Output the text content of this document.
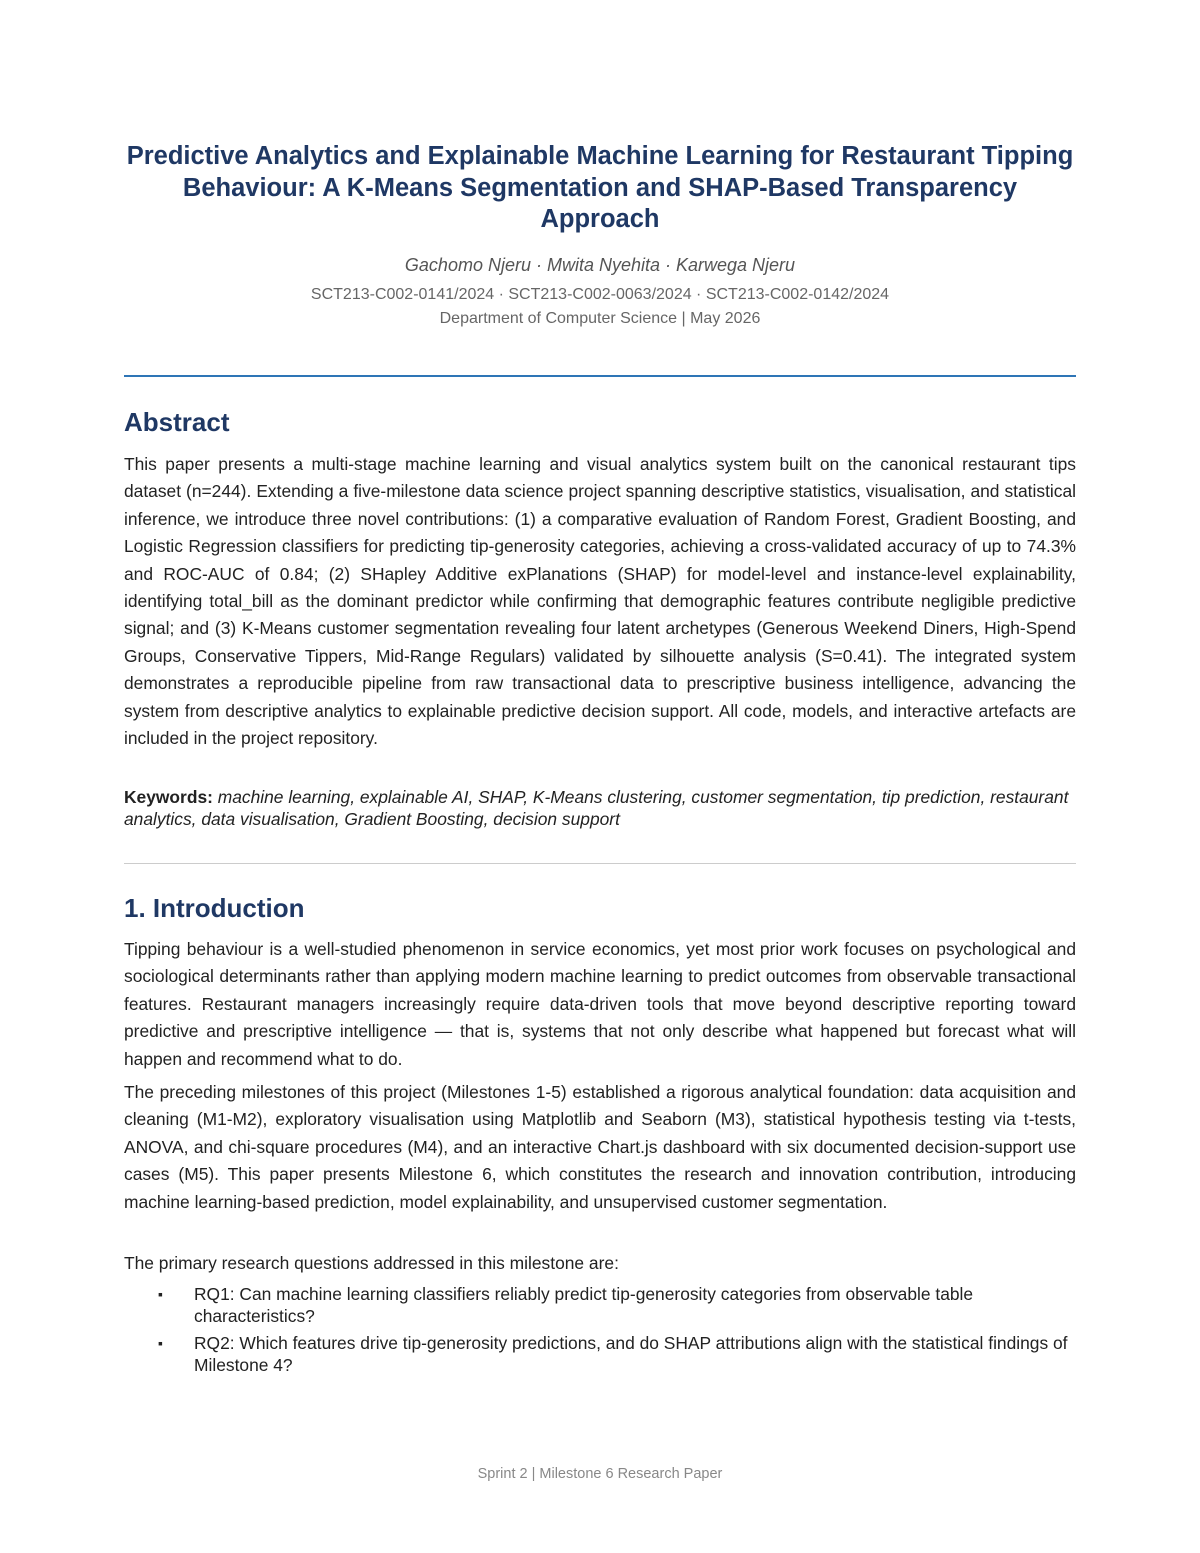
Predictive Analytics and Explainable Machine Learning for Restaurant Tipping Behaviour: A K-Means Segmentation and SHAP-Based Transparency Approach
Gachomo Njeru · Mwita Nyehita · Karwega Njeru
SCT213-C002-0141/2024 · SCT213-C002-0063/2024 · SCT213-C002-0142/2024
Department of Computer Science | May 2026
Abstract

This paper presents a multi-stage machine learning and visual analytics system built on the canonical restaurant tips dataset (n=244). Extending a five-milestone data science project spanning descriptive statistics, visualisation, and statistical inference, we introduce three novel contributions: (1) a comparative evaluation of Random Forest, Gradient Boosting, and Logistic Regression classifiers for predicting tip-generosity categories, achieving a cross-validated accuracy of up to 74.3% and ROC-AUC of 0.84; (2) SHapley Additive exPlanations (SHAP) for model-level and instance-level explainability, identifying total_bill as the dominant predictor while confirming that demographic features contribute negligible predictive signal; and (3) K-Means customer segmentation revealing four latent archetypes (Generous Weekend Diners, High-Spend Groups, Conservative Tippers, Mid-Range Regulars) validated by silhouette analysis (S=0.41). The integrated system demonstrates a reproducible pipeline from raw transactional data to prescriptive business intelligence, advancing the system from descriptive analytics to explainable predictive decision support. All code, models, and interactive artefacts are included in the project repository.

Keywords: machine learning, explainable AI, SHAP, K-Means clustering, customer segmentation, tip prediction, restaurant analytics, data visualisation, Gradient Boosting, decision support
1. Introduction

Tipping behaviour is a well-studied phenomenon in service economics, yet most prior work focuses on psychological and sociological determinants rather than applying modern machine learning to predict outcomes from observable transactional features. Restaurant managers increasingly require data-driven tools that move beyond descriptive reporting toward predictive and prescriptive intelligence — that is, systems that not only describe what happened but forecast what will happen and recommend what to do.

The preceding milestones of this project (Milestones 1-5) established a rigorous analytical foundation: data acquisition and cleaning (M1-M2), exploratory visualisation using Matplotlib and Seaborn (M3), statistical hypothesis testing via t-tests, ANOVA, and chi-square procedures (M4), and an interactive Chart.js dashboard with six documented decision-support use cases (M5). This paper presents Milestone 6, which constitutes the research and innovation contribution, introducing machine learning-based prediction, model explainability, and unsupervised customer segmentation.

The primary research questions addressed in this milestone are:

▪ RQ1: Can machine learning classifiers reliably predict tip-generosity categories from observable table characteristics?
▪ RQ2: Which features drive tip-generosity predictions, and do SHAP attributions align with the statistical findings of Milestone 4?
Sprint 2 | Milestone 6 Research Paper
